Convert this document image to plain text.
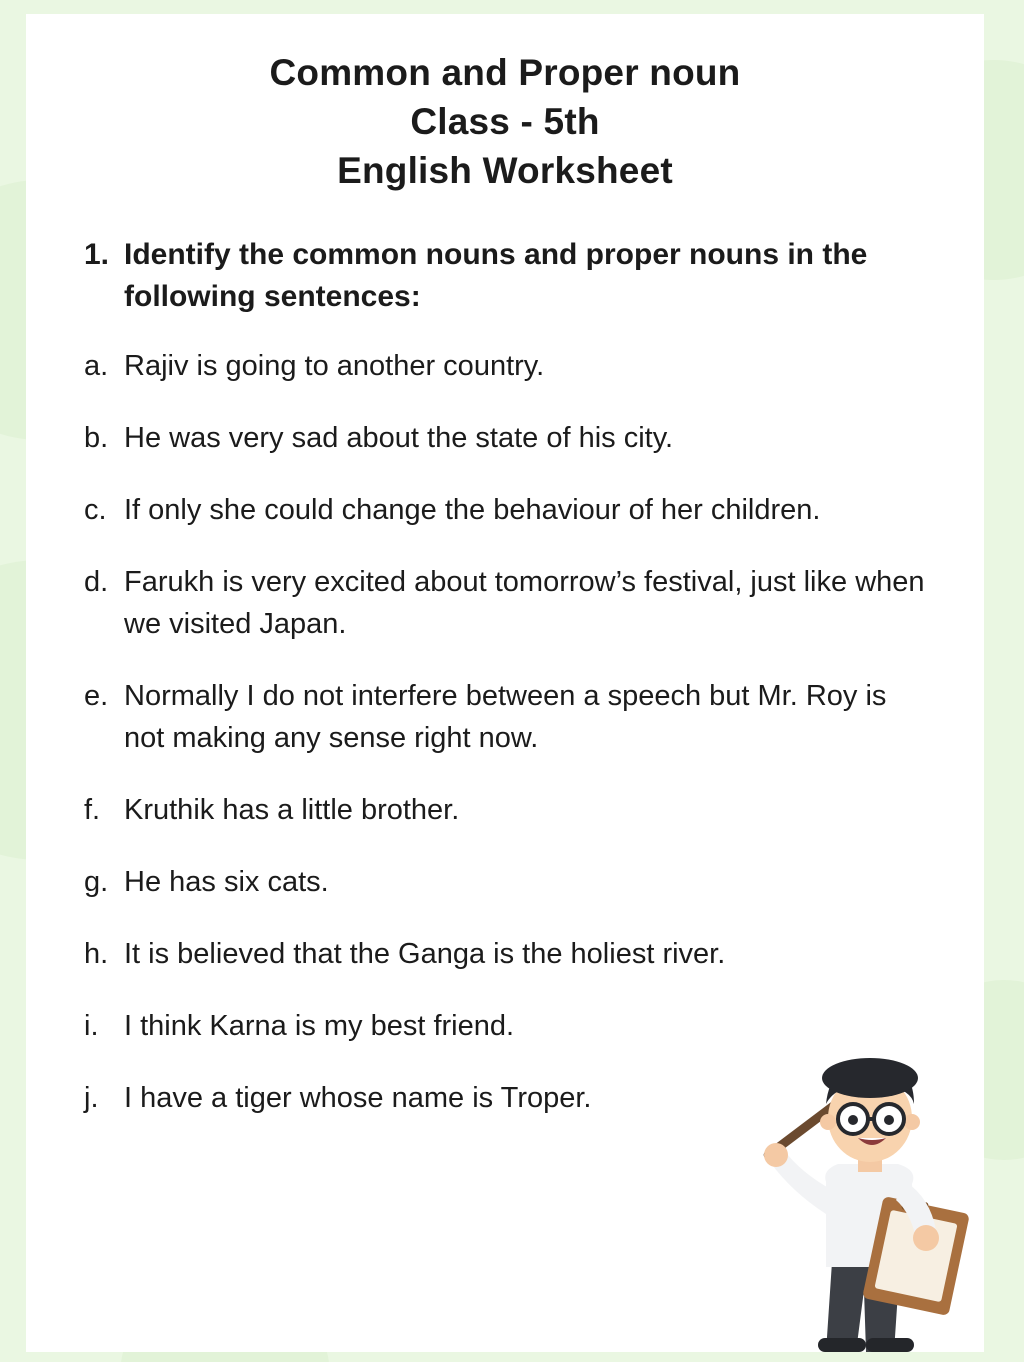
Common and Proper noun
Class - 5th
English Worksheet
1. Identify the common nouns and proper nouns in the following sentences:
a. Rajiv is going to another country.
b. He was very sad about the state of his city.
c. If only she could change the behaviour of her children.
d. Farukh is very excited about tomorrow’s festival, just like when we visited Japan.
e. Normally I do not interfere between a speech but Mr. Roy is not making any sense right now.
f. Kruthik has a little brother.
g. He has six cats.
h. It is believed that the Ganga is the holiest river.
i. I think Karna is my best friend.
j. I have a tiger whose name is Troper.
